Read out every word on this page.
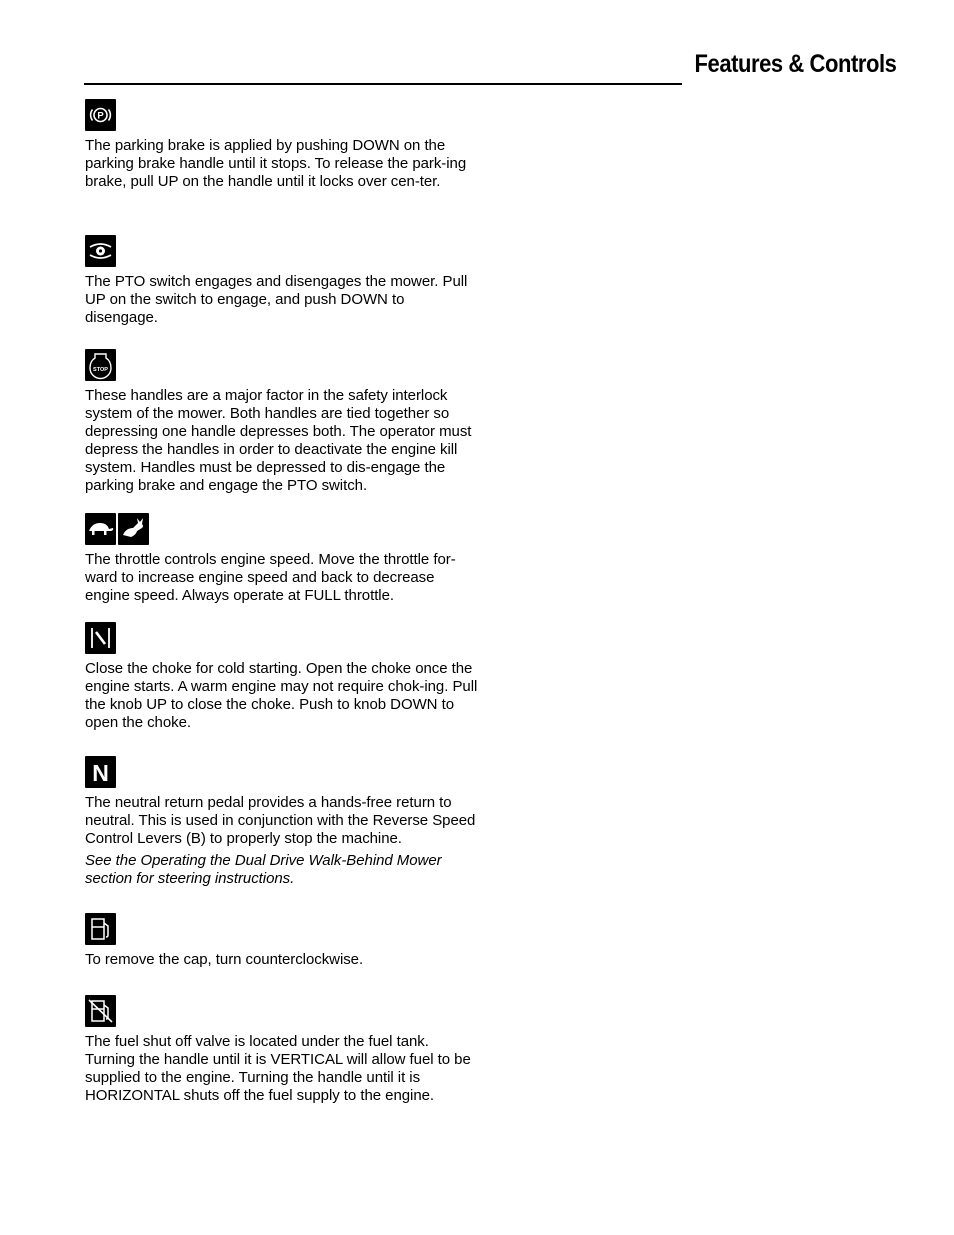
Features & Controls
P

The parking brake is applied by pushing DOWN on the parking brake handle until it stops. To release the park-ing brake, pull UP on the handle until it locks over cen-ter.

The PTO switch engages and disengages the mower. Pull UP on the switch to engage, and push DOWN to disengage.

STOP

These handles are a major factor in the safety interlock system of the mower. Both handles are tied together so depressing one handle depresses both. The operator must depress the handles in order to deactivate the engine kill system. Handles must be depressed to dis-engage the parking brake and engage the PTO switch.

The throttle controls engine speed. Move the throttle for-ward to increase engine speed and back to decrease engine speed. Always operate at FULL throttle.

Close the choke for cold starting. Open the choke once the engine starts. A warm engine may not require chok-ing. Pull the knob UP to close the choke. Push to knob DOWN to open the choke.

N

The neutral return pedal provides a hands-free return to neutral. This is used in conjunction with the Reverse Speed Control Levers (B) to properly stop the machine.

See the Operating the Dual Drive Walk-Behind Mower section for steering instructions.

To remove the cap, turn counterclockwise.

The fuel shut off valve is located under the fuel tank. Turning the handle until it is VERTICAL will allow fuel to be supplied to the engine. Turning the handle until it is HORIZONTAL shuts off the fuel supply to the engine.
